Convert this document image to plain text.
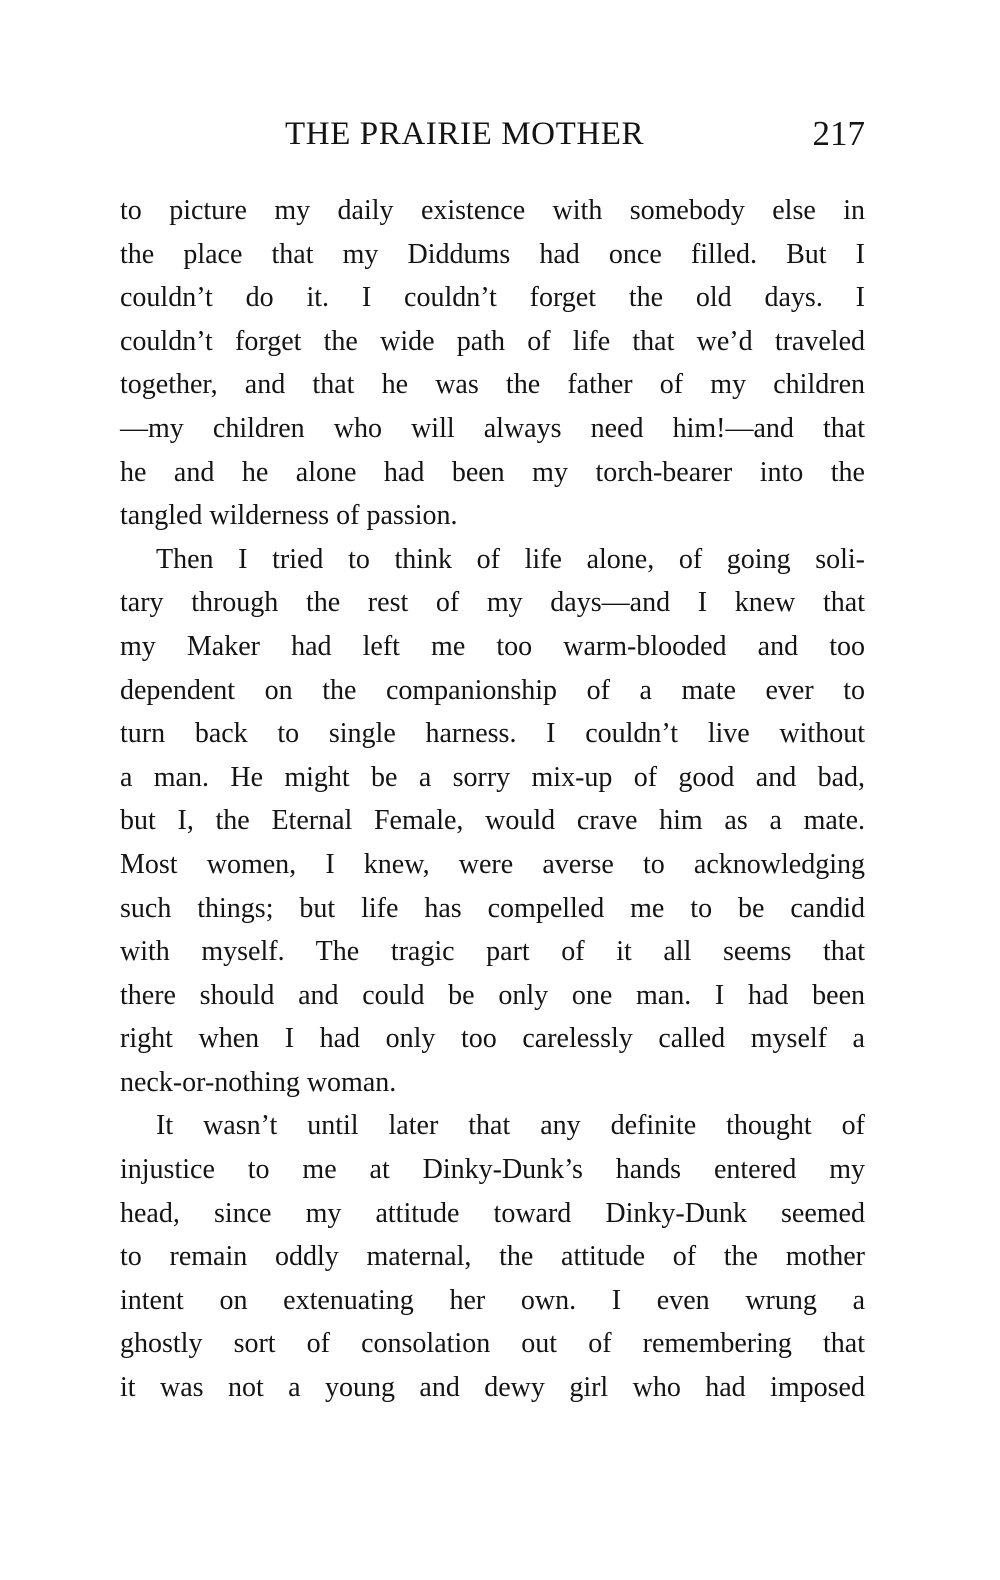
THE PRAIRIE MOTHER	217
to picture my daily existence with somebody else in
the place that my Diddums had once filled. But I
couldn’t do it. I couldn’t forget the old days. I
couldn’t forget the wide path of life that we’d traveled
together, and that he was the father of my children
—my children who will always need him!—and that
he and he alone had been my torch-bearer into the
tangled wilderness of passion.
Then I tried to think of life alone, of going soli-
tary through the rest of my days—and I knew that
my Maker had left me too warm-blooded and too
dependent on the companionship of a mate ever to
turn back to single harness. I couldn’t live without
a man. He might be a sorry mix-up of good and bad,
but I, the Eternal Female, would crave him as a mate.
Most women, I knew, were averse to acknowledging
such things; but life has compelled me to be candid
with myself. The tragic part of it all seems that
there should and could be only one man. I had been
right when I had only too carelessly called myself a
neck-or-nothing woman.
It wasn’t until later that any definite thought of
injustice to me at Dinky-Dunk’s hands entered my
head, since my attitude toward Dinky-Dunk seemed
to remain oddly maternal, the attitude of the mother
intent on extenuating her own. I even wrung a
ghostly sort of consolation out of remembering that
it was not a young and dewy girl who had imposed
